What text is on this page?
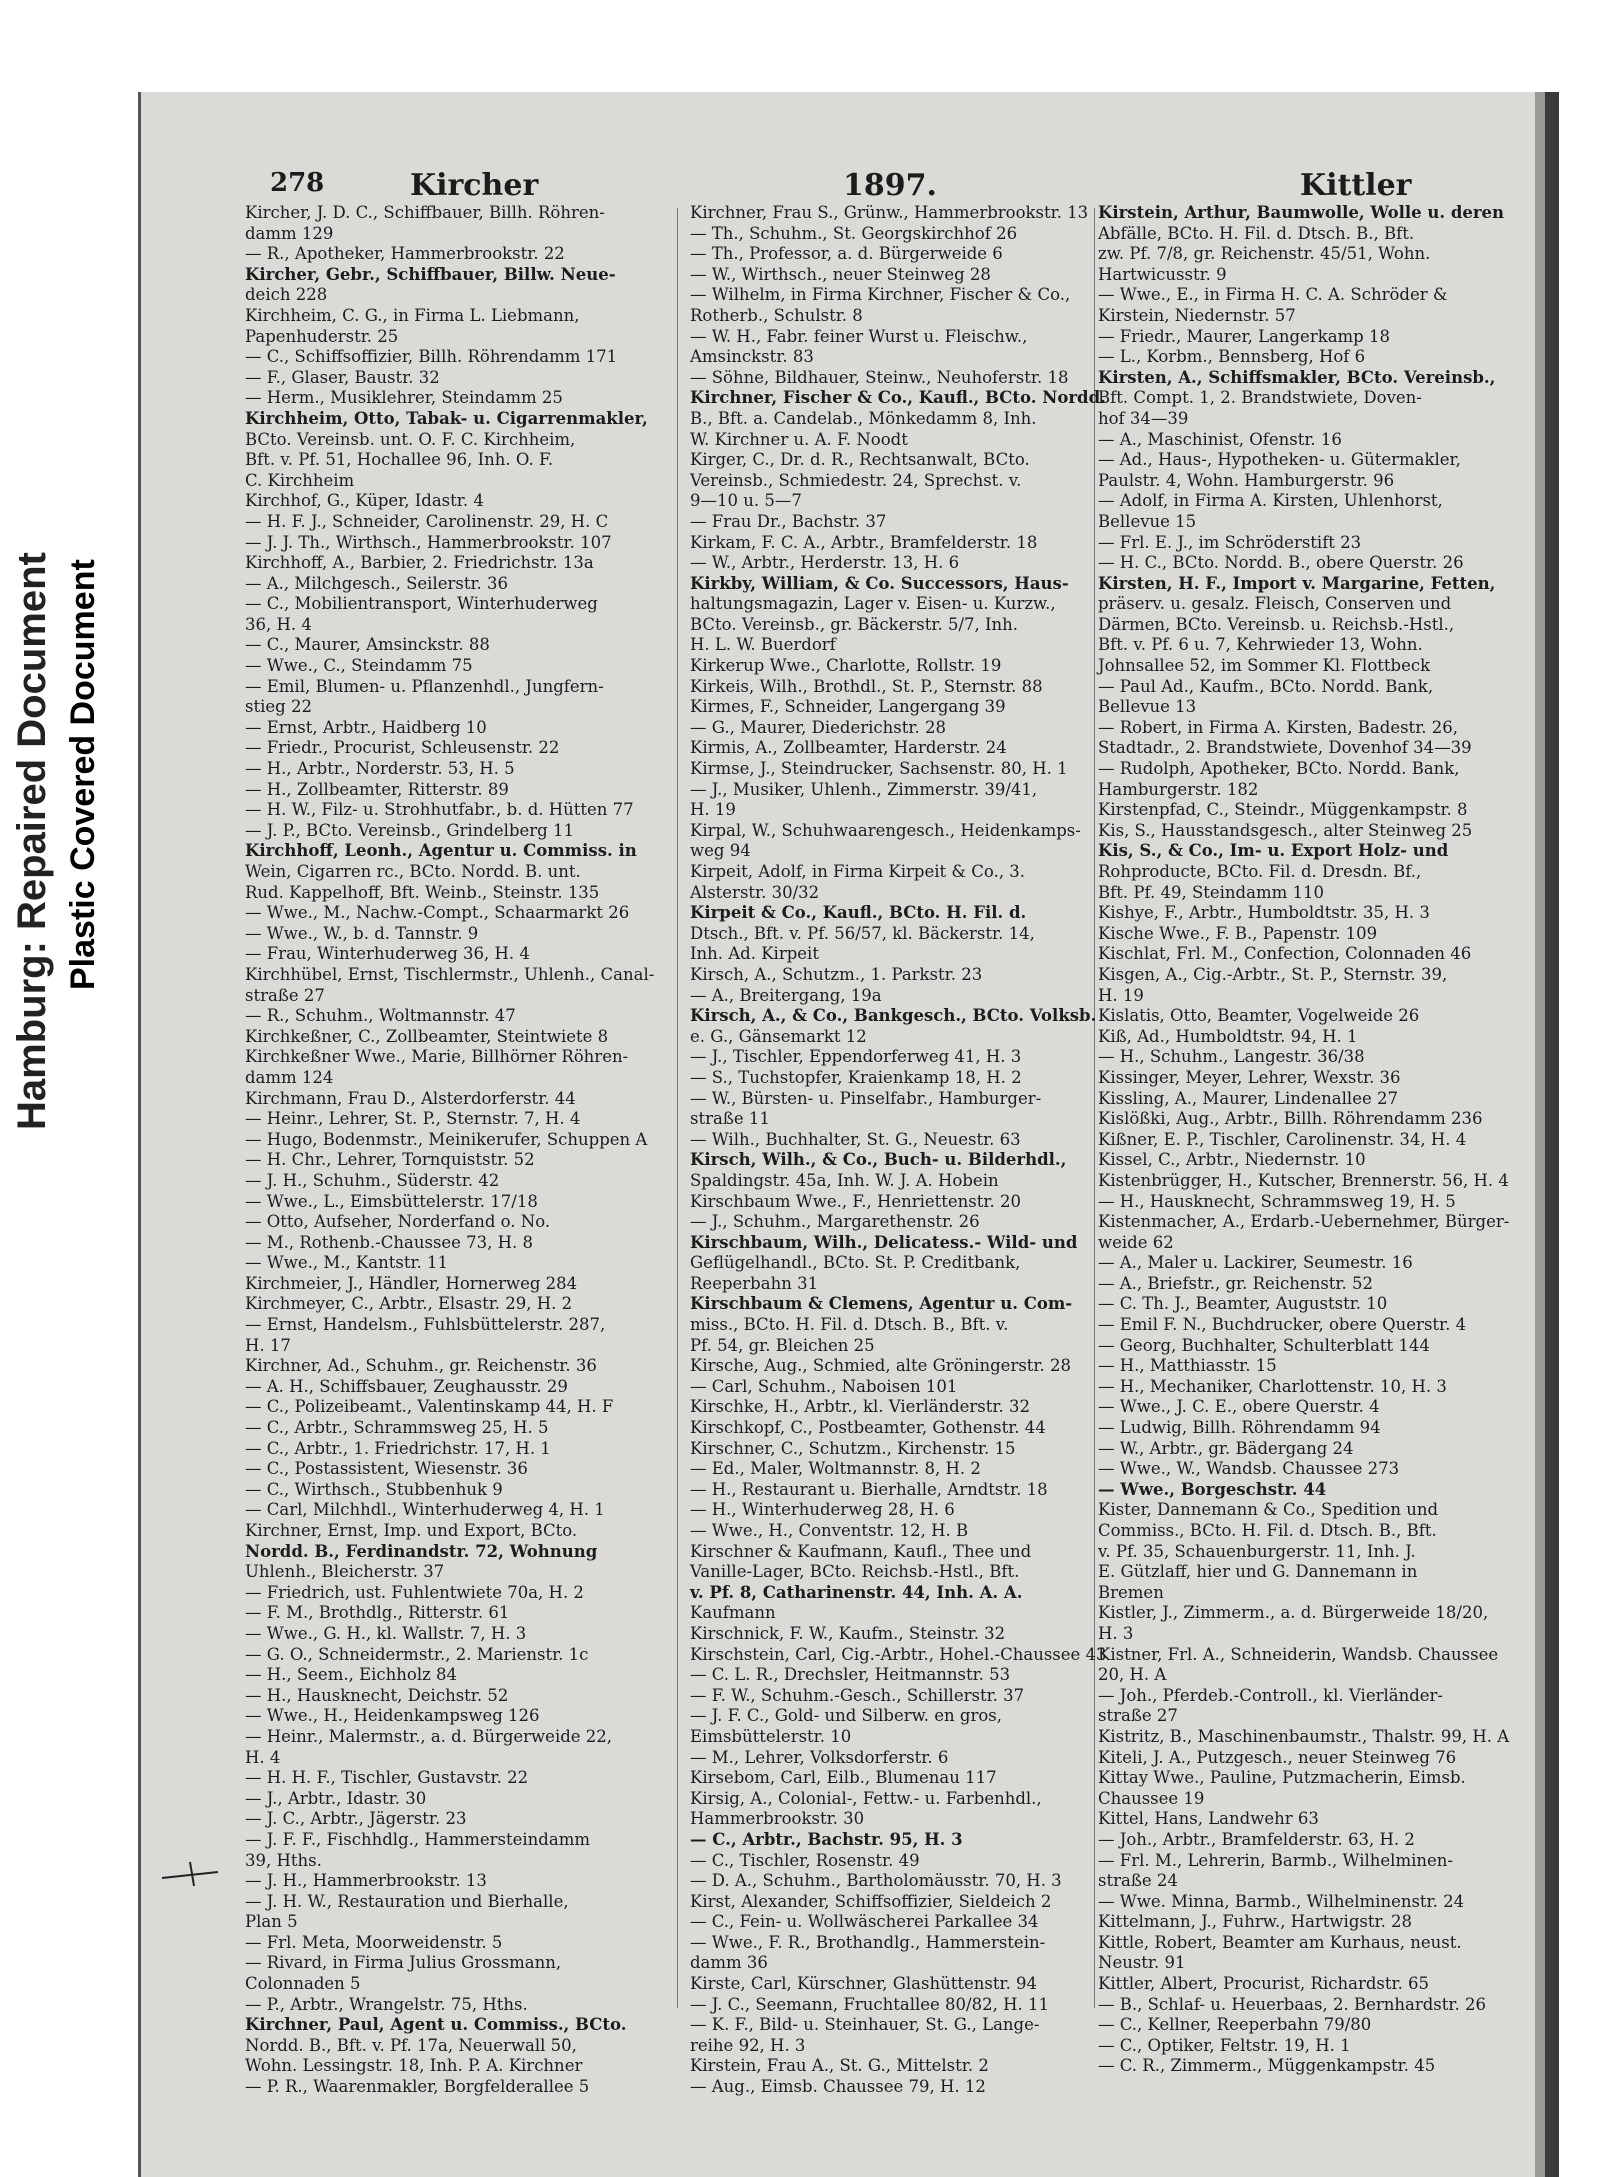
Hamburg: Repaired Document Plastic Covered Document
278	Kircher	1897.	Kittler
Kircher, J. D. C., Schiffbauer, Billh. Röhren-
damm 129
— R., Apotheker, Hammerbrookstr. 22
Kircher, Gebr., Schiffbauer, Billw. Neue-
deich 228
Kirchheim, C. G., in Firma L. Liebmann,
Papenhuderstr. 25
— C., Schiffsoffizier, Billh. Röhrendamm 171
— F., Glaser, Baustr. 32
— Herm., Musiklehrer, Steindamm 25
Kirchheim, Otto, Tabak- u. Cigarrenmakler,
BCto. Vereinsb. unt. O. F. C. Kirchheim,
Bft. v. Pf. 51, Hochallee 96, Inh. O. F.
C. Kirchheim
Kirchhof, G., Küper, Idastr. 4
— H. F. J., Schneider, Carolinenstr. 29, H. C
— J. J. Th., Wirthsch., Hammerbrookstr. 107
Kirchhoff, A., Barbier, 2. Friedrichstr. 13a
— A., Milchgesch., Seilerstr. 36
— C., Mobilientransport, Winterhuderweg
36, H. 4
— C., Maurer, Amsinckstr. 88
— Wwe., C., Steindamm 75
— Emil, Blumen- u. Pflanzenhdl., Jungfern-
stieg 22
— Ernst, Arbtr., Haidberg 10
— Friedr., Procurist, Schleusenstr. 22
— H., Arbtr., Norderstr. 53, H. 5
— H., Zollbeamter, Ritterstr. 89
— H. W., Filz- u. Strohhutfabr., b. d. Hütten 77
— J. P., BCto. Vereinsb., Grindelberg 11
Kirchhoff, Leonh., Agentur u. Commiss. in
Wein, Cigarren rc., BCto. Nordd. B. unt.
Rud. Kappelhoff, Bft. Weinb., Steinstr. 135
— Wwe., M., Nachw.-Compt., Schaarmarkt 26
— Wwe., W., b. d. Tannstr. 9
— Frau, Winterhuderweg 36, H. 4
Kirchhübel, Ernst, Tischlermstr., Uhlenh., Canal-
straße 27
— R., Schuhm., Woltmannstr. 47
Kirchkeßner, C., Zollbeamter, Steintwiete 8
Kirchkeßner Wwe., Marie, Billhörner Röhren-
damm 124
Kirchmann, Frau D., Alsterdorferstr. 44
— Heinr., Lehrer, St. P., Sternstr. 7, H. 4
— Hugo, Bodenmstr., Meinikerufer, Schuppen A
— H. Chr., Lehrer, Tornquiststr. 52
— J. H., Schuhm., Süderstr. 42
— Wwe., L., Eimsbüttelerstr. 17/18
— Otto, Aufseher, Norderfand o. No.
— M., Rothenb.-Chaussee 73, H. 8
— Wwe., M., Kantstr. 11
Kirchmeier, J., Händler, Hornerweg 284
Kirchmeyer, C., Arbtr., Elsastr. 29, H. 2
— Ernst, Handelsm., Fuhlsbüttelerstr. 287,
H. 17
Kirchner, Ad., Schuhm., gr. Reichenstr. 36
— A. H., Schiffsbauer, Zeughausstr. 29
— C., Polizeibeamt., Valentinskamp 44, H. F
— C., Arbtr., Schrammsweg 25, H. 5
— C., Arbtr., 1. Friedrichstr. 17, H. 1
— C., Postassistent, Wiesenstr. 36
— C., Wirthsch., Stubbenhuk 9
— Carl, Milchhdl., Winterhuderweg 4, H. 1
Kirchner, Ernst, Imp. und Export, BCto.
Nordd. B., Ferdinandstr. 72, Wohnung
Uhlenh., Bleicherstr. 37
— Friedrich, ust. Fuhlentwiete 70a, H. 2
— F. M., Brothdlg., Ritterstr. 61
— Wwe., G. H., kl. Wallstr. 7, H. 3
— G. O., Schneidermstr., 2. Marienstr. 1c
— H., Seem., Eichholz 84
— H., Hausknecht, Deichstr. 52
— Wwe., H., Heidenkampsweg 126
— Heinr., Malermstr., a. d. Bürgerweide 22,
H. 4
— H. H. F., Tischler, Gustavstr. 22
— J., Arbtr., Idastr. 30
— J. C., Arbtr., Jägerstr. 23
— J. F. F., Fischhdlg., Hammersteindamm
39, Hths.
— J. H., Hammerbrookstr. 13
— J. H. W., Restauration und Bierhalle,
Plan 5
— Frl. Meta, Moorweidenstr. 5
— Rivard, in Firma Julius Grossmann,
Colonnaden 5
— P., Arbtr., Wrangelstr. 75, Hths.
Kirchner, Paul, Agent u. Commiss., BCto.
Nordd. B., Bft. v. Pf. 17a, Neuerwall 50,
Wohn. Lessingstr. 18, Inh. P. A. Kirchner
— P. R., Waarenmakler, Borgfelderallee 5
Kirchner, Frau S., Grünw., Hammerbrookstr. 13
— Th., Schuhm., St. Georgskirchhof 26
— Th., Professor, a. d. Bürgerweide 6
— W., Wirthsch., neuer Steinweg 28
— Wilhelm, in Firma Kirchner, Fischer & Co.,
Rotherb., Schulstr. 8
— W. H., Fabr. feiner Wurst u. Fleischw.,
Amsinckstr. 83
— Söhne, Bildhauer, Steinw., Neuhoferstr. 18
Kirchner, Fischer & Co., Kaufl., BCto. Nordd.
B., Bft. a. Candelab., Mönkedamm 8, Inh.
W. Kirchner u. A. F. Noodt
Kirger, C., Dr. d. R., Rechtsanwalt, BCto.
Vereinsb., Schmiedestr. 24, Sprechst. v.
9—10 u. 5—7
— Frau Dr., Bachstr. 37
Kirkam, F. C. A., Arbtr., Bramfelderstr. 18
— W., Arbtr., Herderstr. 13, H. 6
Kirkby, William, & Co. Successors, Haus-
haltungsmagazin, Lager v. Eisen- u. Kurzw.,
BCto. Vereinsb., gr. Bäckerstr. 5/7, Inh.
H. L. W. Buerdorf
Kirkerup Wwe., Charlotte, Rollstr. 19
Kirkeis, Wilh., Brothdl., St. P., Sternstr. 88
Kirmes, F., Schneider, Langergang 39
— G., Maurer, Diederichstr. 28
Kirmis, A., Zollbeamter, Harderstr. 24
Kirmse, J., Steindrucker, Sachsenstr. 80, H. 1
— J., Musiker, Uhlenh., Zimmerstr. 39/41,
H. 19
Kirpal, W., Schuhwaarengesch., Heidenkamps-
weg 94
Kirpeit, Adolf, in Firma Kirpeit & Co., 3.
Alsterstr. 30/32
Kirpeit & Co., Kaufl., BCto. H. Fil. d.
Dtsch., Bft. v. Pf. 56/57, kl. Bäckerstr. 14,
Inh. Ad. Kirpeit
Kirsch, A., Schutzm., 1. Parkstr. 23
— A., Breitergang, 19a
Kirsch, A., & Co., Bankgesch., BCto. Volksb.
e. G., Gänsemarkt 12
— J., Tischler, Eppendorferweg 41, H. 3
— S., Tuchstopfer, Kraienkamp 18, H. 2
— W., Bürsten- u. Pinselfabr., Hamburger-
straße 11
— Wilh., Buchhalter, St. G., Neuestr. 63
Kirsch, Wilh., & Co., Buch- u. Bilderhdl.,
Spaldingstr. 45a, Inh. W. J. A. Hobein
Kirschbaum Wwe., F., Henriettenstr. 20
— J., Schuhm., Margarethenstr. 26
Kirschbaum, Wilh., Delicatess.- Wild- und
Geflügelhandl., BCto. St. P. Creditbank,
Reeperbahn 31
Kirschbaum & Clemens, Agentur u. Com-
miss., BCto. H. Fil. d. Dtsch. B., Bft. v.
Pf. 54, gr. Bleichen 25
Kirsche, Aug., Schmied, alte Gröningerstr. 28
— Carl, Schuhm., Naboisen 101
Kirschke, H., Arbtr., kl. Vierländerstr. 32
Kirschkopf, C., Postbeamter, Gothenstr. 44
Kirschner, C., Schutzm., Kirchenstr. 15
— Ed., Maler, Woltmannstr. 8, H. 2
— H., Restaurant u. Bierhalle, Arndtstr. 18
— H., Winterhuderweg 28, H. 6
— Wwe., H., Conventstr. 12, H. B
Kirschner & Kaufmann, Kaufl., Thee und
Vanille-Lager, BCto. Reichsb.-Hstl., Bft.
v. Pf. 8, Catharinenstr. 44, Inh. A. A.
Kaufmann
Kirschnick, F. W., Kaufm., Steinstr. 32
Kirschstein, Carl, Cig.-Arbtr., Hohel.-Chaussee 43
— C. L. R., Drechsler, Heitmannstr. 53
— F. W., Schuhm.-Gesch., Schillerstr. 37
— J. F. C., Gold- und Silberw. en gros,
Eimsbüttelerstr. 10
— M., Lehrer, Volksdorferstr. 6
Kirsebom, Carl, Eilb., Blumenau 117
Kirsig, A., Colonial-, Fettw.- u. Farbenhdl.,
Hammerbrookstr. 30
— C., Arbtr., Bachstr. 95, H. 3
— C., Tischler, Rosenstr. 49
— D. A., Schuhm., Bartholomäusstr. 70, H. 3
Kirst, Alexander, Schiffsoffizier, Sieldeich 2
— C., Fein- u. Wollwäscherei Parkallee 34
— Wwe., F. R., Brothandlg., Hammerstein-
damm 36
Kirste, Carl, Kürschner, Glashüttenstr. 94
— J. C., Seemann, Fruchtallee 80/82, H. 11
— K. F., Bild- u. Steinhauer, St. G., Lange-
reihe 92, H. 3
Kirstein, Frau A., St. G., Mittelstr. 2
— Aug., Eimsb. Chaussee 79, H. 12
Kirstein, Arthur, Baumwolle, Wolle u. deren
Abfälle, BCto. H. Fil. d. Dtsch. B., Bft.
zw. Pf. 7/8, gr. Reichenstr. 45/51, Wohn.
Hartwicusstr. 9
— Wwe., E., in Firma H. C. A. Schröder &
Kirstein, Niedernstr. 57
— Friedr., Maurer, Langerkamp 18
— L., Korbm., Bennsberg, Hof 6
Kirsten, A., Schiffsmakler, BCto. Vereinsb.,
Bft. Compt. 1, 2. Brandstwiete, Doven-
hof 34—39
— A., Maschinist, Ofenstr. 16
— Ad., Haus-, Hypotheken- u. Gütermakler,
Paulstr. 4, Wohn. Hamburgerstr. 96
— Adolf, in Firma A. Kirsten, Uhlenhorst,
Bellevue 15
— Frl. E. J., im Schröderstift 23
— H. C., BCto. Nordd. B., obere Querstr. 26
Kirsten, H. F., Import v. Margarine, Fetten,
präserv. u. gesalz. Fleisch, Conserven und
Därmen, BCto. Vereinsb. u. Reichsb.-Hstl.,
Bft. v. Pf. 6 u. 7, Kehrwieder 13, Wohn.
Johnsallee 52, im Sommer Kl. Flottbeck
— Paul Ad., Kaufm., BCto. Nordd. Bank,
Bellevue 13
— Robert, in Firma A. Kirsten, Badestr. 26,
Stadtadr., 2. Brandstwiete, Dovenhof 34—39
— Rudolph, Apotheker, BCto. Nordd. Bank,
Hamburgerstr. 182
Kirstenpfad, C., Steindr., Müggenkampstr. 8
Kis, S., Hausstandsgesch., alter Steinweg 25
Kis, S., & Co., Im- u. Export Holz- und
Rohproducte, BCto. Fil. d. Dresdn. Bf.,
Bft. Pf. 49, Steindamm 110
Kishye, F., Arbtr., Humboldtstr. 35, H. 3
Kische Wwe., F. B., Papenstr. 109
Kischlat, Frl. M., Confection, Colonnaden 46
Kisgen, A., Cig.-Arbtr., St. P., Sternstr. 39,
H. 19
Kislatis, Otto, Beamter, Vogelweide 26
Kiß, Ad., Humboldtstr. 94, H. 1
— H., Schuhm., Langestr. 36/38
Kissinger, Meyer, Lehrer, Wexstr. 36
Kissling, A., Maurer, Lindenallee 27
Kislößki, Aug., Arbtr., Billh. Röhrendamm 236
Kißner, E. P., Tischler, Carolinenstr. 34, H. 4
Kissel, C., Arbtr., Niedernstr. 10
Kistenbrügger, H., Kutscher, Brennerstr. 56, H. 4
— H., Hausknecht, Schrammsweg 19, H. 5
Kistenmacher, A., Erdarb.-Uebernehmer, Bürger-
weide 62
— A., Maler u. Lackirer, Seumestr. 16
— A., Briefstr., gr. Reichenstr. 52
— C. Th. J., Beamter, Auguststr. 10
— Emil F. N., Buchdrucker, obere Querstr. 4
— Georg, Buchhalter, Schulterblatt 144
— H., Matthiasstr. 15
— H., Mechaniker, Charlottenstr. 10, H. 3
— Wwe., J. C. E., obere Querstr. 4
— Ludwig, Billh. Röhrendamm 94
— W., Arbtr., gr. Bädergang 24
— Wwe., W., Wandsb. Chaussee 273
— Wwe., Borgeschstr. 44
Kister, Dannemann & Co., Spedition und
Commiss., BCto. H. Fil. d. Dtsch. B., Bft.
v. Pf. 35, Schauenburgerstr. 11, Inh. J.
E. Gützlaff, hier und G. Dannemann in
Bremen
Kistler, J., Zimmerm., a. d. Bürgerweide 18/20,
H. 3
Kistner, Frl. A., Schneiderin, Wandsb. Chaussee
20, H. A
— Joh., Pferdeb.-Controll., kl. Vierländer-
straße 27
Kistritz, B., Maschinenbaumstr., Thalstr. 99, H. A
Kiteli, J. A., Putzgesch., neuer Steinweg 76
Kittay Wwe., Pauline, Putzmacherin, Eimsb.
Chaussee 19
Kittel, Hans, Landwehr 63
— Joh., Arbtr., Bramfelderstr. 63, H. 2
— Frl. M., Lehrerin, Barmb., Wilhelminen-
straße 24
— Wwe. Minna, Barmb., Wilhelminenstr. 24
Kittelmann, J., Fuhrw., Hartwigstr. 28
Kittle, Robert, Beamter am Kurhaus, neust.
Neustr. 91
Kittler, Albert, Procurist, Richardstr. 65
— B., Schlaf- u. Heuerbaas, 2. Bernhardstr. 26
— C., Kellner, Reeperbahn 79/80
— C., Optiker, Feltstr. 19, H. 1
— C. R., Zimmerm., Müggenkampstr. 45
